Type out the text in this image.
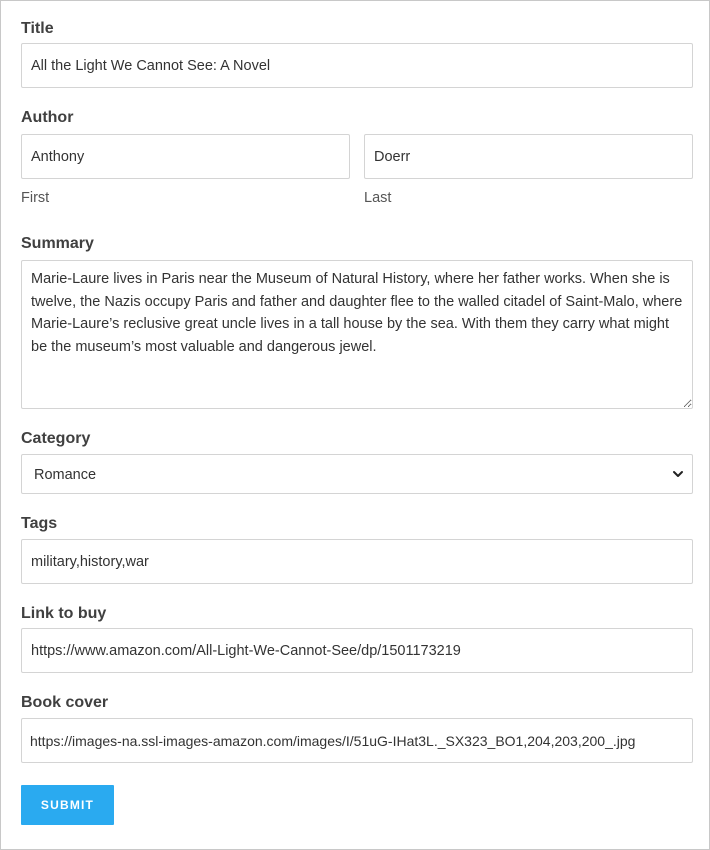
Title
All the Light We Cannot See: A Novel
Author
Anthony
Doerr
First	Last
Summary
Marie-Laure lives in Paris near the Museum of Natural History, where her father works. When she is twelve, the Nazis occupy Paris and father and daughter flee to the walled citadel of Saint-Malo, where Marie-Laure’s reclusive great uncle lives in a tall house by the sea. With them they carry what might be the museum’s most valuable and dangerous jewel.
Category
Romance
Tags
military,history,war
Link to buy
https://www.amazon.com/All-Light-We-Cannot-See/dp/1501173219
Book cover
https://images-na.ssl-images-amazon.com/images/I/51uG-IHat3L._SX323_BO1,204,203,200_.jpg
SUBMIT
